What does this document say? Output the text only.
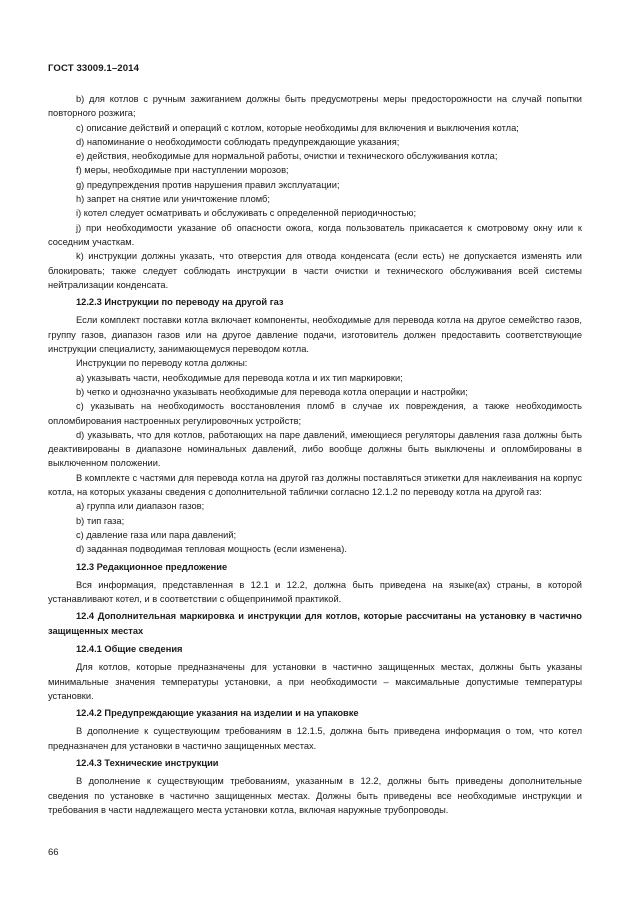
ГОСТ 33009.1–2014

b) для котлов с ручным зажиганием должны быть предусмотрены меры предосторожности на случай попытки повторного розжига;

c) описание действий и операций с котлом, которые необходимы для включения и выключения котла;

d) напоминание о необходимости соблюдать предупреждающие указания;

e) действия, необходимые для нормальной работы, очистки и технического обслуживания котла;

f) меры, необходимые при наступлении морозов;

g) предупреждения против нарушения правил эксплуатации;

h) запрет на снятие или уничтожение пломб;

i) котел следует осматривать и обслуживать с определенной периодичностью;

j) при необходимости указание об опасности ожога, когда пользователь прикасается к смотровому окну или к соседним участкам.

k) инструкции должны указать, что отверстия для отвода конденсата (если есть) не допускается изменять или блокировать; также следует соблюдать инструкции в части очистки и технического обслуживания всей системы нейтрализации конденсата.

12.2.3 Инструкции по переводу на другой газ

Если комплект поставки котла включает компоненты, необходимые для перевода котла на другое семейство газов, группу газов, диапазон газов или на другое давление подачи, изготовитель должен предоставить соответствующие инструкции специалисту, занимающемуся переводом котла.

Инструкции по переводу котла должны:

a) указывать части, необходимые для перевода котла и их тип маркировки;

b) четко и однозначно указывать необходимые для перевода котла операции и настройки;

c) указывать на необходимость восстановления пломб в случае их повреждения, а также необходимость опломбирования настроенных регулировочных устройств;

d) указывать, что для котлов, работающих на паре давлений, имеющиеся регуляторы давления газа должны быть деактивированы в диапазоне номинальных давлений, либо вообще должны быть выключены и опломбированы в выключенном положении.

В комплекте с частями для перевода котла на другой газ должны поставляться этикетки для наклеивания на корпус котла, на которых указаны сведения с дополнительной таблички согласно 12.1.2 по переводу котла на другой газ:

a) группа или диапазон газов;

b) тип газа;

c) давление газа или пара давлений;

d) заданная подводимая тепловая мощность (если изменена).

12.3 Редакционное предложение

Вся информация, представленная в 12.1 и 12.2, должна быть приведена на языке(ах) страны, в которой устанавливают котел, и в соответствии с общепринимой практикой.

12.4 Дополнительная маркировка и инструкции для котлов, которые рассчитаны на установку в частично защищенных местах
12.4.1 Общие сведения

Для котлов, которые предназначены для установки в частично защищенных местах, должны быть указаны минимальные значения температуры установки, а при необходимости – максимальные допустимые температуры установки.

12.4.2 Предупреждающие указания на изделии и на упаковке

В дополнение к существующим требованиям в 12.1.5, должна быть приведена информация о том, что котел предназначен для установки в частично защищенных местах.

12.4.3 Технические инструкции

В дополнение к существующим требованиям, указанным в 12.2, должны быть приведены дополнительные сведения по установке в частично защищенных местах. Должны быть приведены все необходимые инструкции и требования в части надлежащего места установки котла, включая наружные трубопроводы.

66
